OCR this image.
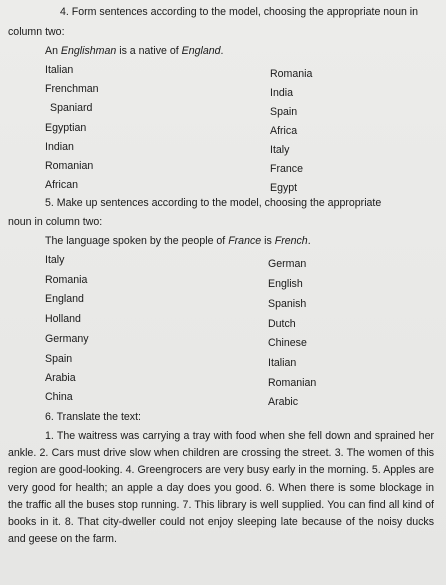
4. Form sentences according to the model, choosing the appropriate noun in
column two:
An Englishman is a native of England.
Italian
Frenchman
Spaniard
Egyptian
Indian
Romanian
African
Romania
India
Spain
Africa
Italy
France
Egypt
5. Make up sentences according to the model, choosing the appropriate
noun in column two:
The language spoken by the people of France is French.
Italy
Romania
England
Holland
Germany
Spain
Arabia
China
German
English
Spanish
Dutch
Chinese
Italian
Romanian
Arabic
6. Translate the text:
1. The waitress was carrying a tray with food when she fell down and sprained her ankle. 2. Cars must drive slow when children are crossing the street. 3. The women of this region are good-looking. 4. Greengrocers are very busy early in the morning. 5. Apples are very good for health; an apple a day does you good. 6. When there is some blockage in the traffic all the buses stop running. 7. This library is well supplied. You can find all kind of books in it. 8. That city-dweller could not enjoy sleeping late because of the noisy ducks and geese on the farm.
